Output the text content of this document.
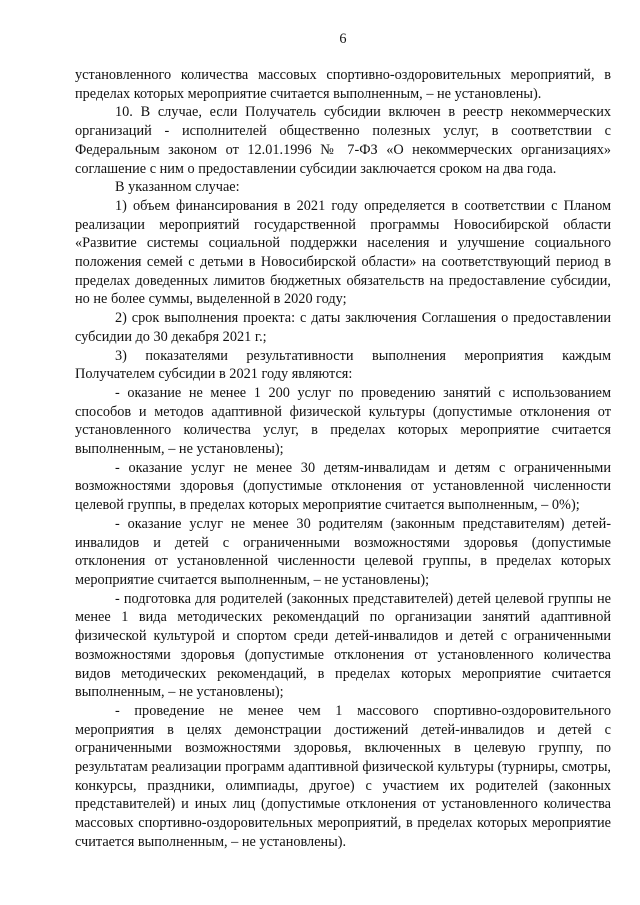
6

установленного количества массовых спортивно-оздоровительных мероприятий, в пределах которых мероприятие считается выполненным, – не установлены).

10. В случае, если Получатель субсидии включен в реестр некоммерческих организаций - исполнителей общественно полезных услуг, в соответствии с Федеральным законом от 12.01.1996 № 7-ФЗ «О некоммерческих организациях» соглашение с ним о предоставлении субсидии заключается сроком на два года.

В указанном случае:

1) объем финансирования в 2021 году определяется в соответствии с Планом реализации мероприятий государственной программы Новосибирской области «Развитие системы социальной поддержки населения и улучшение социального положения семей с детьми в Новосибирской области» на соответствующий период в пределах доведенных лимитов бюджетных обязательств на предоставление субсидии, но не более суммы, выделенной в 2020 году;

2) срок выполнения проекта: с даты заключения Соглашения о предоставлении субсидии до 30 декабря 2021 г.;

3) показателями результативности выполнения мероприятия каждым Получателем субсидии в 2021 году являются:

- оказание не менее 1 200 услуг по проведению занятий с использованием способов и методов адаптивной физической культуры (допустимые отклонения от установленного количества услуг, в пределах которых мероприятие считается выполненным, – не установлены);

- оказание услуг не менее 30 детям-инвалидам и детям с ограниченными возможностями здоровья (допустимые отклонения от установленной численности целевой группы, в пределах которых мероприятие считается выполненным, – 0%);

- оказание услуг не менее 30 родителям (законным представителям) детей-инвалидов и детей с ограниченными возможностями здоровья (допустимые отклонения от установленной численности целевой группы, в пределах которых мероприятие считается выполненным, – не установлены);

- подготовка для родителей (законных представителей) детей целевой группы не менее 1 вида методических рекомендаций по организации занятий адаптивной физической культурой и спортом среди детей-инвалидов и детей с ограниченными возможностями здоровья (допустимые отклонения от установленного количества видов методических рекомендаций, в пределах которых мероприятие считается выполненным, – не установлены);

- проведение не менее чем 1 массового спортивно-оздоровительного мероприятия в целях демонстрации достижений детей-инвалидов и детей с ограниченными возможностями здоровья, включенных в целевую группу, по результатам реализации программ адаптивной физической культуры (турниры, смотры, конкурсы, праздники, олимпиады, другое) с участием их родителей (законных представителей) и иных лиц (допустимые отклонения от установленного количества массовых спортивно-оздоровительных мероприятий, в пределах которых мероприятие считается выполненным, – не установлены).
